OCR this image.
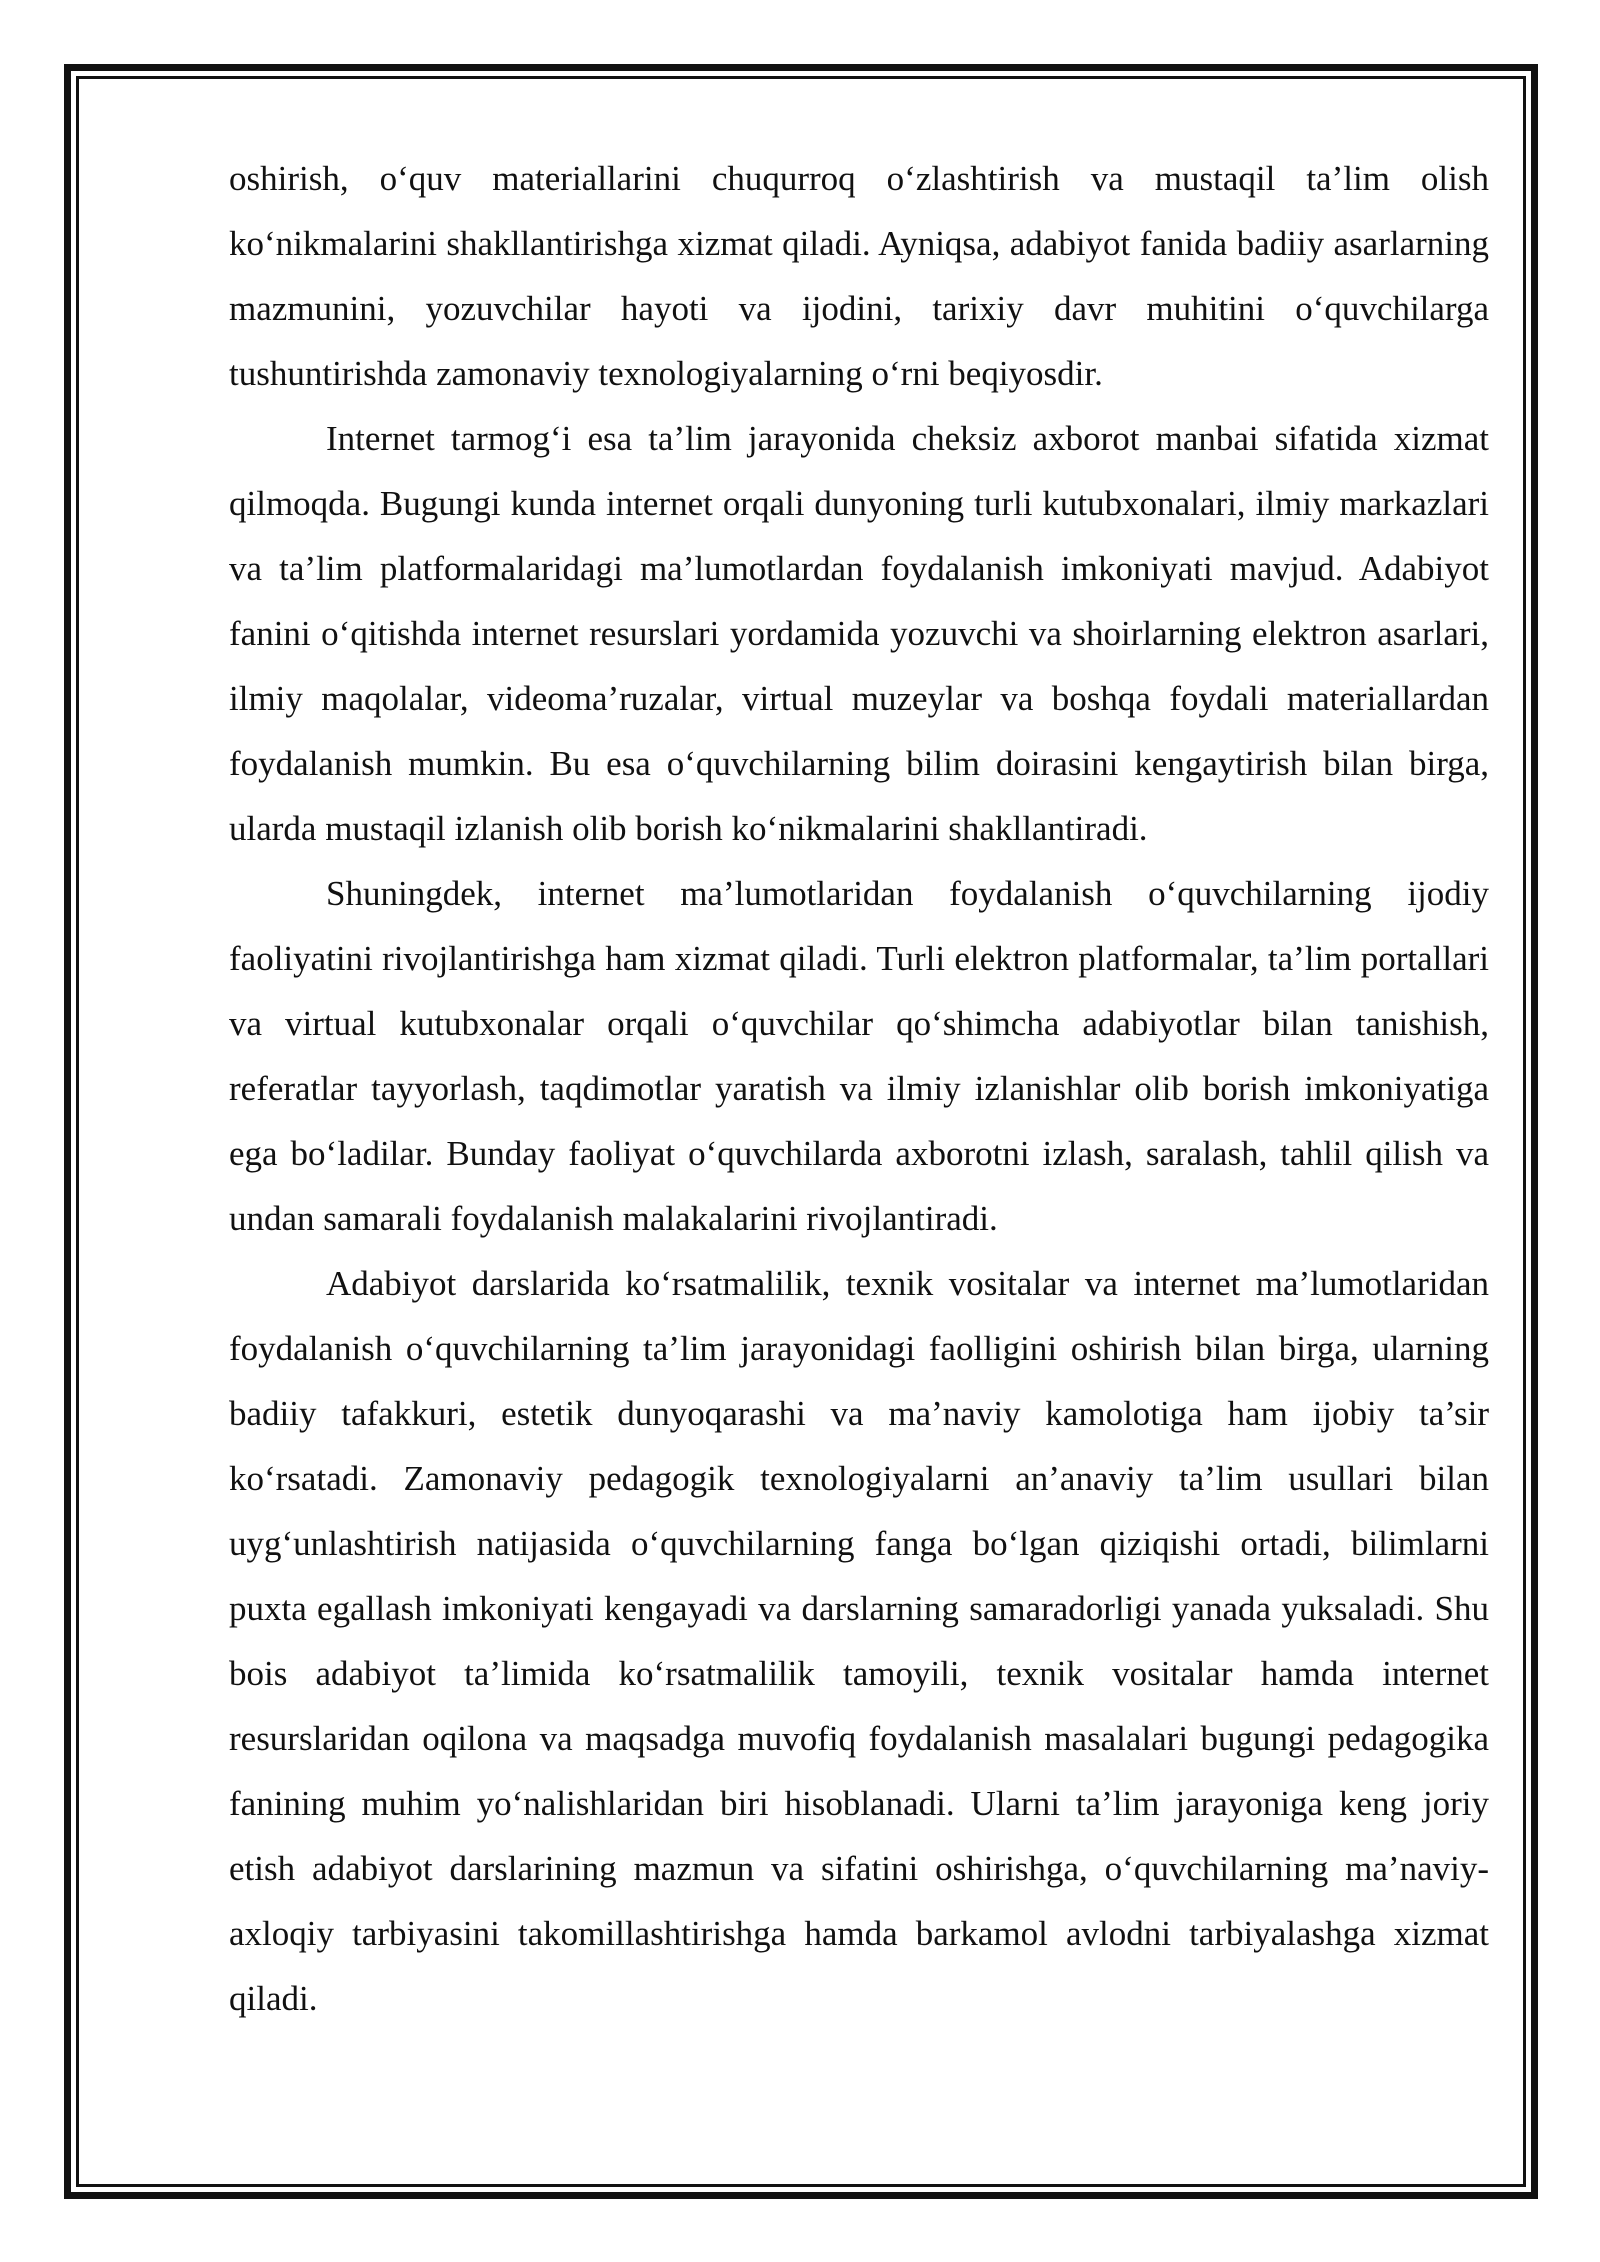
oshirish, o‘quv materiallarini chuqurroq o‘zlashtirish va mustaqil ta’lim olish ko‘nikmalarini shakllantirishga xizmat qiladi. Ayniqsa, adabiyot fanida badiiy asarlarning mazmunini, yozuvchilar hayoti va ijodini, tarixiy davr muhitini o‘quvchilarga tushuntirishda zamonaviy texnologiyalarning o‘rni beqiyosdir.

Internet tarmog‘i esa ta’lim jarayonida cheksiz axborot manbai sifatida xizmat qilmoqda. Bugungi kunda internet orqali dunyoning turli kutubxonalari, ilmiy markazlari va ta’lim platformalaridagi ma’lumotlardan foydalanish imkoniyati mavjud. Adabiyot fanini o‘qitishda internet resurslari yordamida yozuvchi va shoirlarning elektron asarlari, ilmiy maqolalar, videoma’ruzalar, virtual muzeylar va boshqa foydali materiallardan foydalanish mumkin. Bu esa o‘quvchilarning bilim doirasini kengaytirish bilan birga, ularda mustaqil izlanish olib borish ko‘nikmalarini shakllantiradi.

Shuningdek, internet ma’lumotlaridan foydalanish o‘quvchilarning ijodiy faoliyatini rivojlantirishga ham xizmat qiladi. Turli elektron platformalar, ta’lim portallari va virtual kutubxonalar orqali o‘quvchilar qo‘shimcha adabiyotlar bilan tanishish, referatlar tayyorlash, taqdimotlar yaratish va ilmiy izlanishlar olib borish imkoniyatiga ega bo‘ladilar. Bunday faoliyat o‘quvchilarda axborotni izlash, saralash, tahlil qilish va undan samarali foydalanish malakalarini rivojlantiradi.

Adabiyot darslarida ko‘rsatmalilik, texnik vositalar va internet ma’lumotlaridan foydalanish o‘quvchilarning ta’lim jarayonidagi faolligini oshirish bilan birga, ularning badiiy tafakkuri, estetik dunyoqarashi va ma’naviy kamolotiga ham ijobiy ta’sir ko‘rsatadi. Zamonaviy pedagogik texnologiyalarni an’anaviy ta’lim usullari bilan uyg‘unlashtirish natijasida o‘quvchilarning fanga bo‘lgan qiziqishi ortadi, bilimlarni puxta egallash imkoniyati kengayadi va darslarning samaradorligi yanada yuksaladi. Shu bois adabiyot ta’limida ko‘rsatmalilik tamoyili, texnik vositalar hamda internet resurslaridan oqilona va maqsadga muvofiq foydalanish masalalari bugungi pedagogika fanining muhim yo‘nalishlaridan biri hisoblanadi. Ularni ta’lim jarayoniga keng joriy etish adabiyot darslarining mazmun va sifatini oshirishga, o‘quvchilarning ma’naviy-axloqiy tarbiyasini takomillashtirishga hamda barkamol avlodni tarbiyalashga xizmat qiladi.
